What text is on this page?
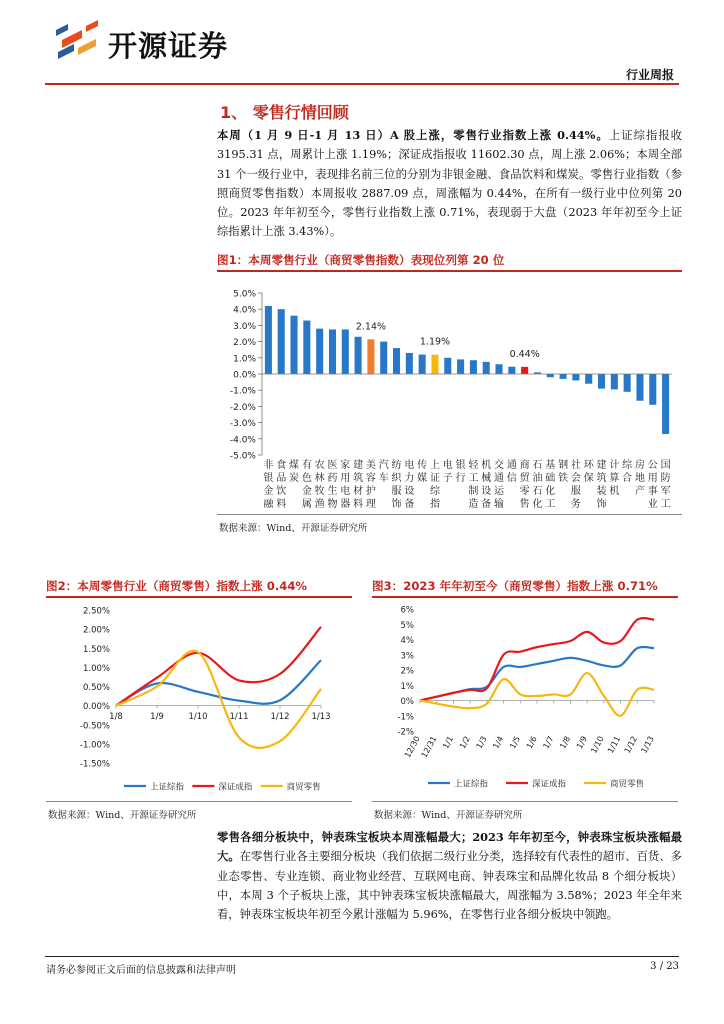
开源证券
行业周报
1、 零售行情回顾

本周（1 月 9 日-1 月 13 日）A 股上涨，零售行业指数上涨 0.44%。上证综指报收 3195.31 点，周累计上涨 1.19%；深证成指报收 11602.30 点，周上涨 2.06%；本周全部 31 个一级行业中，表现排名前三位的分别为非银金融、食品饮料和煤炭。零售行业指数（参照商贸零售指数）本周报收 2887.09 点，周涨幅为 0.44%，在所有一级行业中位列第 20 位。2023 年年初至今，零售行业指数上涨 0.71%，表现弱于大盘（2023 年年初至今上证综指累计上涨 3.43%）。

图1：本周零售行业（商贸零售指数）表现位列第 20 位
5.0%
4.0%
3.0%
2.0%
1.0%
0.0%
-1.0%
-2.0%
-3.0%
-4.0%
-5.0%
非
银
金
融
食
品
饮
料
煤
炭
有
色
金
属
农
林
牧
渔
医
药
生
物
家
用
电
器
建
筑
材
料
美
容
护
理
汽
车
纺
织
服
饰
电
力
设
备
传
媒
上
证
综
指
电
子
银
行
轻
工
制
造
机
械
设
备
交
通
运
输
通
信
商
贸
零
售
石
油
石
化
基
础
化
工
钢
铁
社
会
服
务
环
保
建
筑
装
饰
计
算
机
综
合
房
地
产
公
用
事
业
国
防
军
工
2.14%
1.19%
0.44%
数据来源：Wind、开源证券研究所
图2：本周零售行业（商贸零售）指数上涨 0.44%
2.50%
2.00%
1.50%
1.00%
0.50%
0.00%
-0.50%
-1.00%
-1.50%
1/8	1/9	1/10	1/11	1/12	1/13
上证综指	深证成指	商贸零售
数据来源：Wind、开源证券研究所
图3：2023 年年初至今（商贸零售）指数上涨 0.71%
6%
5%
4%
3%
2%
1%
0%
-1%
-2%
12/30
12/31 1/1 1/2 1/3 1/4 1/5 1/6 1/7 1/8 1/9 1/10 1/11 1/12 1/13
上证综指	深证成指	商贸零售
数据来源：Wind、开源证券研究所

零售各细分板块中，钟表珠宝板块本周涨幅最大；2023 年年初至今，钟表珠宝板块涨幅最大。在零售行业各主要细分板块（我们依据二级行业分类，选择较有代表性的超市、百货、多业态零售、专业连锁、商业物业经营、互联网电商、钟表珠宝和品牌化妆品 8 个细分板块）中，本周 3 个子板块上涨，其中钟表珠宝板块涨幅最大，周涨幅为 3.58%；2023 年全年来看，钟表珠宝板块年初至今累计涨幅为 5.96%，在零售行业各细分板块中领跑。

请务必参阅正文后面的信息披露和法律声明	3 / 23
